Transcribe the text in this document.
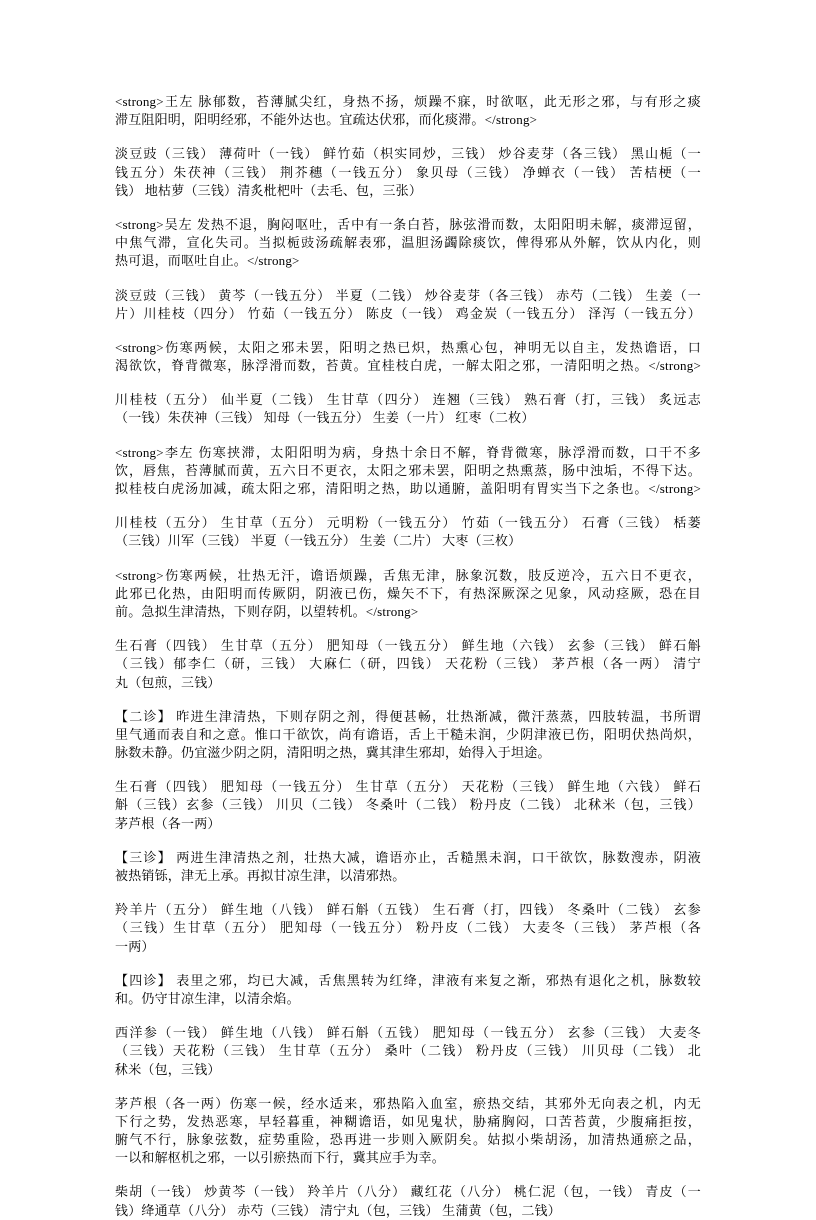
<strong>王左 脉郁数，苔薄腻尖红，身热不扬，烦躁不寐，时欲呕，此无形之邪，与有形之痰
滞互阻阳明，阳明经邪，不能外达也。宜疏达伏邪，而化痰滞。</strong>

淡豆豉（三钱） 薄荷叶（一钱） 鲜竹茹（枳实同炒，三钱） 炒谷麦芽（各三钱） 黑山栀（一
钱五分）朱茯神（三钱） 荆芥穗（一钱五分） 象贝母（三钱） 净蝉衣（一钱） 苦桔梗（一
钱） 地枯萝（三钱）清炙枇杷叶（去毛、包，三张）

<strong>吴左 发热不退，胸闷呕吐，舌中有一条白苔，脉弦滑而数，太阳阳明未解，痰滞逗留，
中焦气滞，宣化失司。当拟栀豉汤疏解表邪，温胆汤蠲除痰饮，俾得邪从外解，饮从内化，则
热可退，而呕吐自止。</strong>

淡豆豉（三钱） 黄芩（一钱五分） 半夏（二钱） 炒谷麦芽（各三钱） 赤芍（二钱） 生姜（一
片）川桂枝（四分） 竹茹（一钱五分） 陈皮（一钱） 鸡金炭（一钱五分） 泽泻（一钱五分）

<strong>伤寒两候，太阳之邪未罢，阳明之热已炽，热熏心包，神明无以自主，发热谵语，口
渴欲饮，脊背微寒，脉浮滑而数，苔黄。宜桂枝白虎，一解太阳之邪，一清阳明之热。</strong>

川桂枝（五分） 仙半夏（二钱） 生甘草（四分） 连翘（三钱） 熟石膏（打，三钱） 炙远志
（一钱）朱茯神（三钱） 知母（一钱五分） 生姜（一片） 红枣（二枚）

<strong>李左 伤寒挟滞，太阳阳明为病，身热十余日不解，脊背微寒，脉浮滑而数，口干不多
饮，唇焦，苔薄腻而黄，五六日不更衣，太阳之邪未罢，阳明之热熏蒸，肠中浊垢，不得下达。
拟桂枝白虎汤加减，疏太阳之邪，清阳明之热，助以通腑，盖阳明有胃实当下之条也。</strong>

川桂枝（五分） 生甘草（五分） 元明粉（一钱五分） 竹茹（一钱五分） 石膏（三钱） 栝蒌
（三钱）川军（三钱） 半夏（一钱五分） 生姜（二片） 大枣（三枚）

<strong>伤寒两候，壮热无汗，谵语烦躁，舌焦无津，脉象沉数，肢反逆冷，五六日不更衣，
此邪已化热，由阳明而传厥阴，阴液已伤，燥矢不下，有热深厥深之见象，风动痉厥，恐在目
前。急拟生津清热，下则存阴，以望转机。</strong>

生石膏（四钱） 生甘草（五分） 肥知母（一钱五分） 鲜生地（六钱） 玄参（三钱） 鲜石斛
（三钱）郁李仁（研，三钱） 大麻仁（研，四钱） 天花粉（三钱） 茅芦根（各一两） 清宁
丸（包煎，三钱）

【二诊】 昨进生津清热，下则存阴之剂，得便甚畅，壮热渐减，微汗蒸蒸，四肢转温，书所谓
里气通而表自和之意。惟口干欲饮，尚有谵语，舌上干糙未润，少阴津液已伤，阳明伏热尚炽，
脉数未静。仍宜滋少阴之阴，清阳明之热，冀其津生邪却，始得入于坦途。

生石膏（四钱） 肥知母（一钱五分） 生甘草（五分） 天花粉（三钱） 鲜生地（六钱） 鲜石
斛（三钱）玄参（三钱） 川贝（二钱） 冬桑叶（二钱） 粉丹皮（二钱） 北秫米（包，三钱）
茅芦根（各一两）

【三诊】 两进生津清热之剂，壮热大减，谵语亦止，舌糙黑未润，口干欲饮，脉数溲赤，阴液
被热销铄，津无上承。再拟甘凉生津，以清邪热。

羚羊片（五分） 鲜生地（八钱） 鲜石斛（五钱） 生石膏（打，四钱） 冬桑叶（二钱） 玄参
（三钱）生甘草（五分） 肥知母（一钱五分） 粉丹皮（二钱） 大麦冬（三钱） 茅芦根（各
一两）

【四诊】 表里之邪，均已大减，舌焦黑转为红绛，津液有来复之渐，邪热有退化之机，脉数较
和。仍守甘凉生津，以清余焰。

西洋参（一钱） 鲜生地（八钱） 鲜石斛（五钱） 肥知母（一钱五分） 玄参（三钱） 大麦冬
（三钱）天花粉（三钱） 生甘草（五分） 桑叶（二钱） 粉丹皮（三钱） 川贝母（二钱） 北
秫米（包，三钱）

茅芦根（各一两）伤寒一候，经水适来，邪热陷入血室，瘀热交结，其邪外无向表之机，内无
下行之势，发热恶寒，早轻暮重，神糊谵语，如见鬼状，胁痛胸闷，口苦苔黄，少腹痛拒按，
腑气不行，脉象弦数，症势重险，恐再进一步则入厥阴矣。姑拟小柴胡汤，加清热通瘀之品，
一以和解枢机之邪，一以引瘀热而下行，冀其应手为幸。

柴胡（一钱） 炒黄芩（一钱） 羚羊片（八分） 藏红花（八分） 桃仁泥（包，一钱） 青皮（一
钱）绛通草（八分） 赤芍（三钱） 清宁丸（包，三钱） 生蒲黄（包，二钱）
